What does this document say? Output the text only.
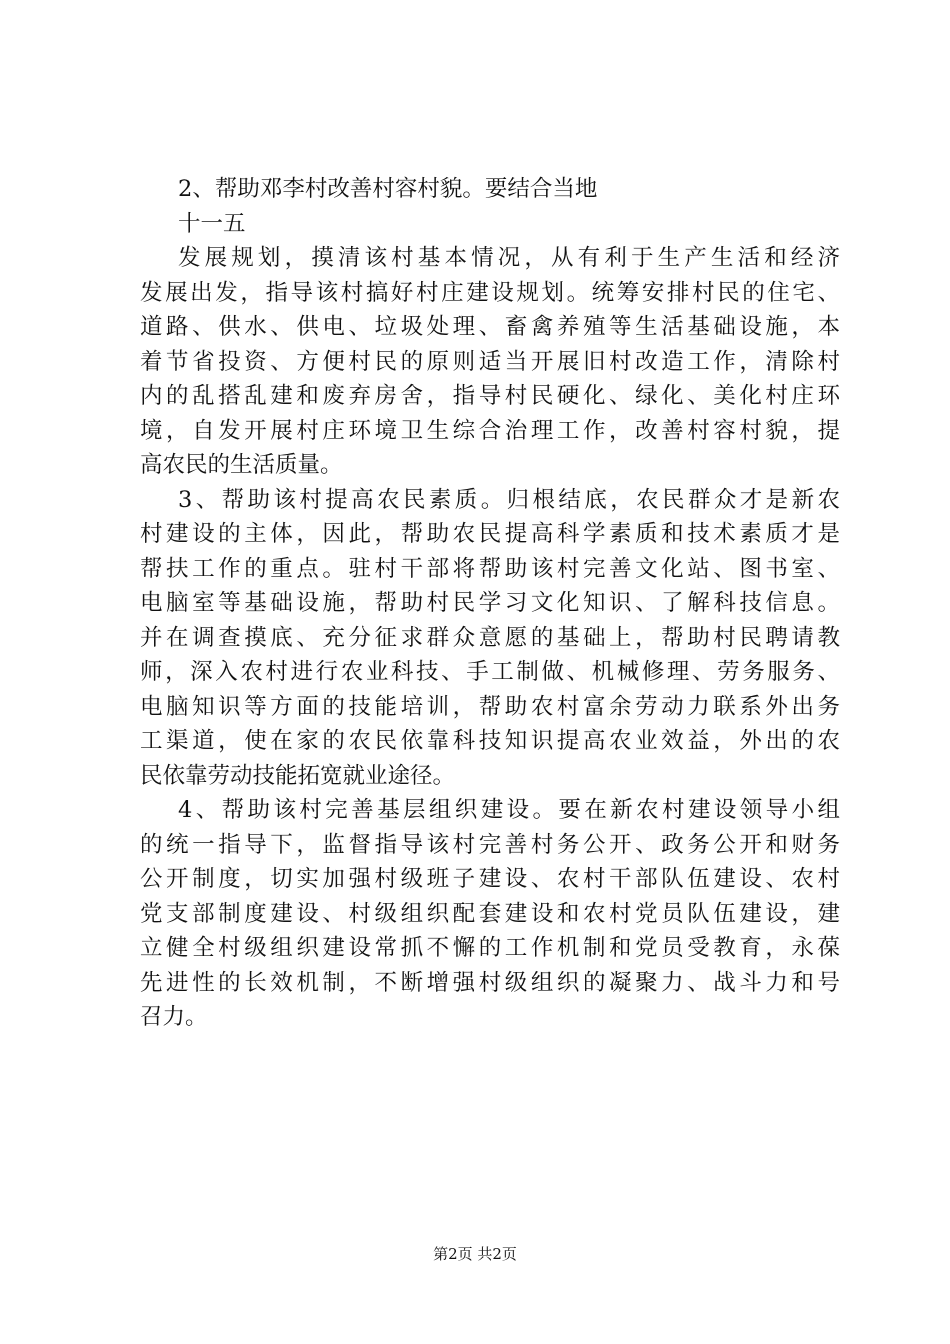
2、帮助邓李村改善村容村貌。要结合当地
十一五
发展规划，摸清该村基本情况，从有利于生产生活和经济
发展出发，指导该村搞好村庄建设规划。统筹安排村民的住宅、
道路、供水、供电、垃圾处理、畜禽养殖等生活基础设施，本
着节省投资、方便村民的原则适当开展旧村改造工作，清除村
内的乱搭乱建和废弃房舍，指导村民硬化、绿化、美化村庄环
境，自发开展村庄环境卫生综合治理工作，改善村容村貌，提
高农民的生活质量。
3、帮助该村提高农民素质。归根结底，农民群众才是新农
村建设的主体，因此，帮助农民提高科学素质和技术素质才是
帮扶工作的重点。驻村干部将帮助该村完善文化站、图书室、
电脑室等基础设施，帮助村民学习文化知识、了解科技信息。
并在调查摸底、充分征求群众意愿的基础上，帮助村民聘请教
师，深入农村进行农业科技、手工制做、机械修理、劳务服务、
电脑知识等方面的技能培训，帮助农村富余劳动力联系外出务
工渠道，使在家的农民依靠科技知识提高农业效益，外出的农
民依靠劳动技能拓宽就业途径。
4、帮助该村完善基层组织建设。要在新农村建设领导小组
的统一指导下，监督指导该村完善村务公开、政务公开和财务
公开制度，切实加强村级班子建设、农村干部队伍建设、农村
党支部制度建设、村级组织配套建设和农村党员队伍建设，建
立健全村级组织建设常抓不懈的工作机制和党员受教育，永葆
先进性的长效机制，不断增强村级组织的凝聚力、战斗力和号
召力。
第2页 共2页
